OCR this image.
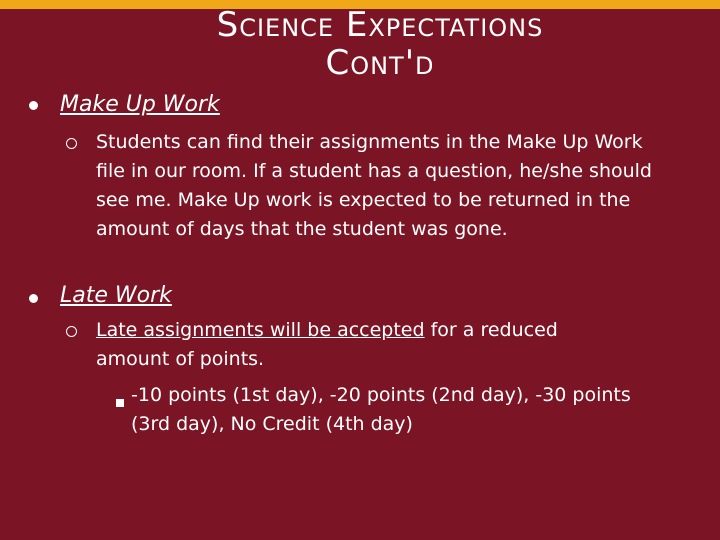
Science Expectations
Cont'd
Make Up Work
Students can find their assignments in the Make Up Work file in our room. If a student has a question, he/she should see me. Make Up work is expected to be returned in the amount of days that the student was gone.
Late Work
Late assignments will be accepted for a reduced amount of points.
-10 points (1st day), -20 points (2nd day), -30 points (3rd day), No Credit (4th day)
